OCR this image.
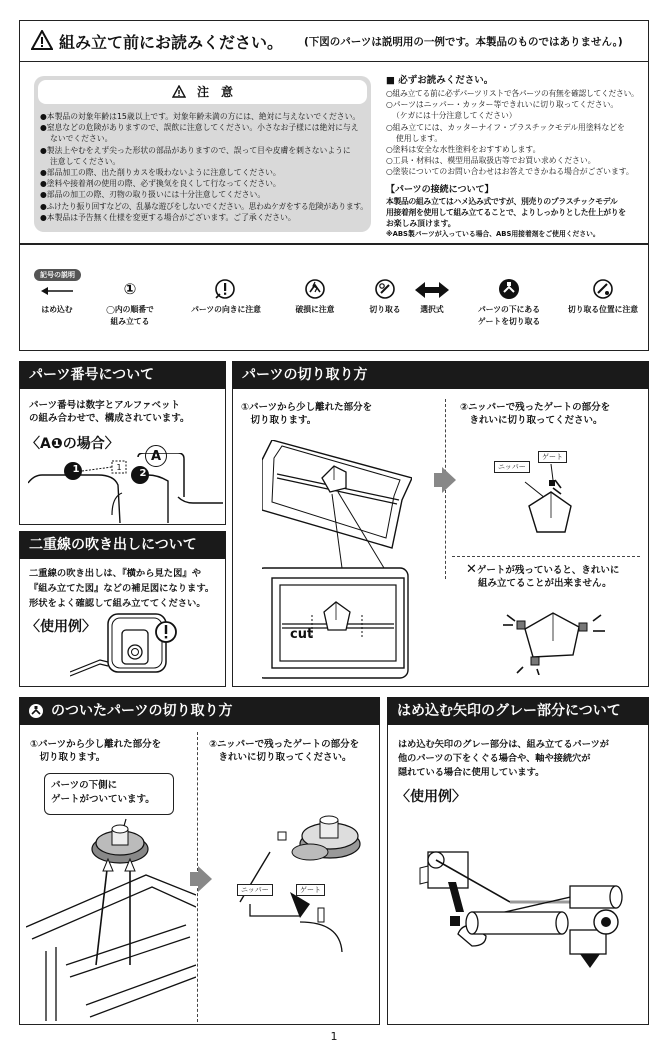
組み立て前にお読みください。 (下図のパーツは説明用の一例です。本製品のものではありません。)
注　意
●本製品の対象年齢は15歳以上です。対象年齢未満の方には、絶対に与えないでください。
●窒息などの危険がありますので、誤飲に注意してください。小さなお子様には絶対に与え
ないでください。
●製法上やむをえず尖った形状の部品がありますので、誤って目や皮膚を刺さないように
注意してください。
●部品加工の際、出た削りカスを吸わないように注意してください。
●塗料や接着剤の使用の際、必ず換気を良くして行なってください。
●部品の加工の際、刃物の取り扱いには十分注意してください。
●ふけたり振り回すなどの、乱暴な遊びをしないでください。思わぬケガをする危険があります。
●本製品は予告無く仕様を変更する場合がございます。ご了承ください。
■ 必ずお読みください。
○組み立てる前に必ずパーツリストで各パーツの有無を確認してください。
○パーツはニッパー・カッター等できれいに切り取ってください。
（ケガには十分注意してください）
○組み立てには、カッターナイフ・プラスチックモデル用塗料などを
使用します。
○塗料は安全な水性塗料をおすすめします。
○工具・材料は、模型用品取扱店等でお買い求めください。
○塗装についてのお問い合わせはお答えできかねる場合がございます。
【パーツの接続について】
本製品の組み立てはハメ込み式ですが、別売りのプラスチックモデル
用接着剤を使用して組み立てることで、よりしっかりとした仕上がりを
お楽しみ頂けます。
※ABS製パーツが入っている場合、ABS用接着剤をご使用ください。
記号の説明
はめ込む
①
◯内の順番で
組み立てる
パーツの向きに注意	破損に注意	切り取る	選択式	パーツの下にある
ゲートを切り取る
切り取る位置に注意
パーツ番号について
パーツ番号は数字とアルファベット
の組み合わせで、構成されています。
〈A❶の場合〉
A
1	2
1
二重線の吹き出しについて
二重線の吹き出しは、『横から見た図』や
『組み立てた図』などの補足図になります。
形状をよく確認して組み立ててください。
〈使用例〉
パーツの切り取り方
①パーツから少し離れた部分を
　切り取ります。
②ニッパーで残ったゲートの部分を
　きれいに切り取ってください。
cut
ニッパー
ゲート
✕ゲートが残っていると、きれいに
組み立てることが出来ません。
のついたパーツの切り取り方
①パーツから少し離れた部分を
　切り取ります。
②ニッパーで残ったゲートの部分を
　きれいに切り取ってください。
パーツの下側に
ゲートがついています。
ニッパー	ゲート
はめ込む矢印のグレー部分について
はめ込む矢印のグレー部分は、組み立てるパーツが
他のパーツの下をくぐる場合や、軸や接続穴が
隠れている場合に使用しています。
〈使用例〉
1
